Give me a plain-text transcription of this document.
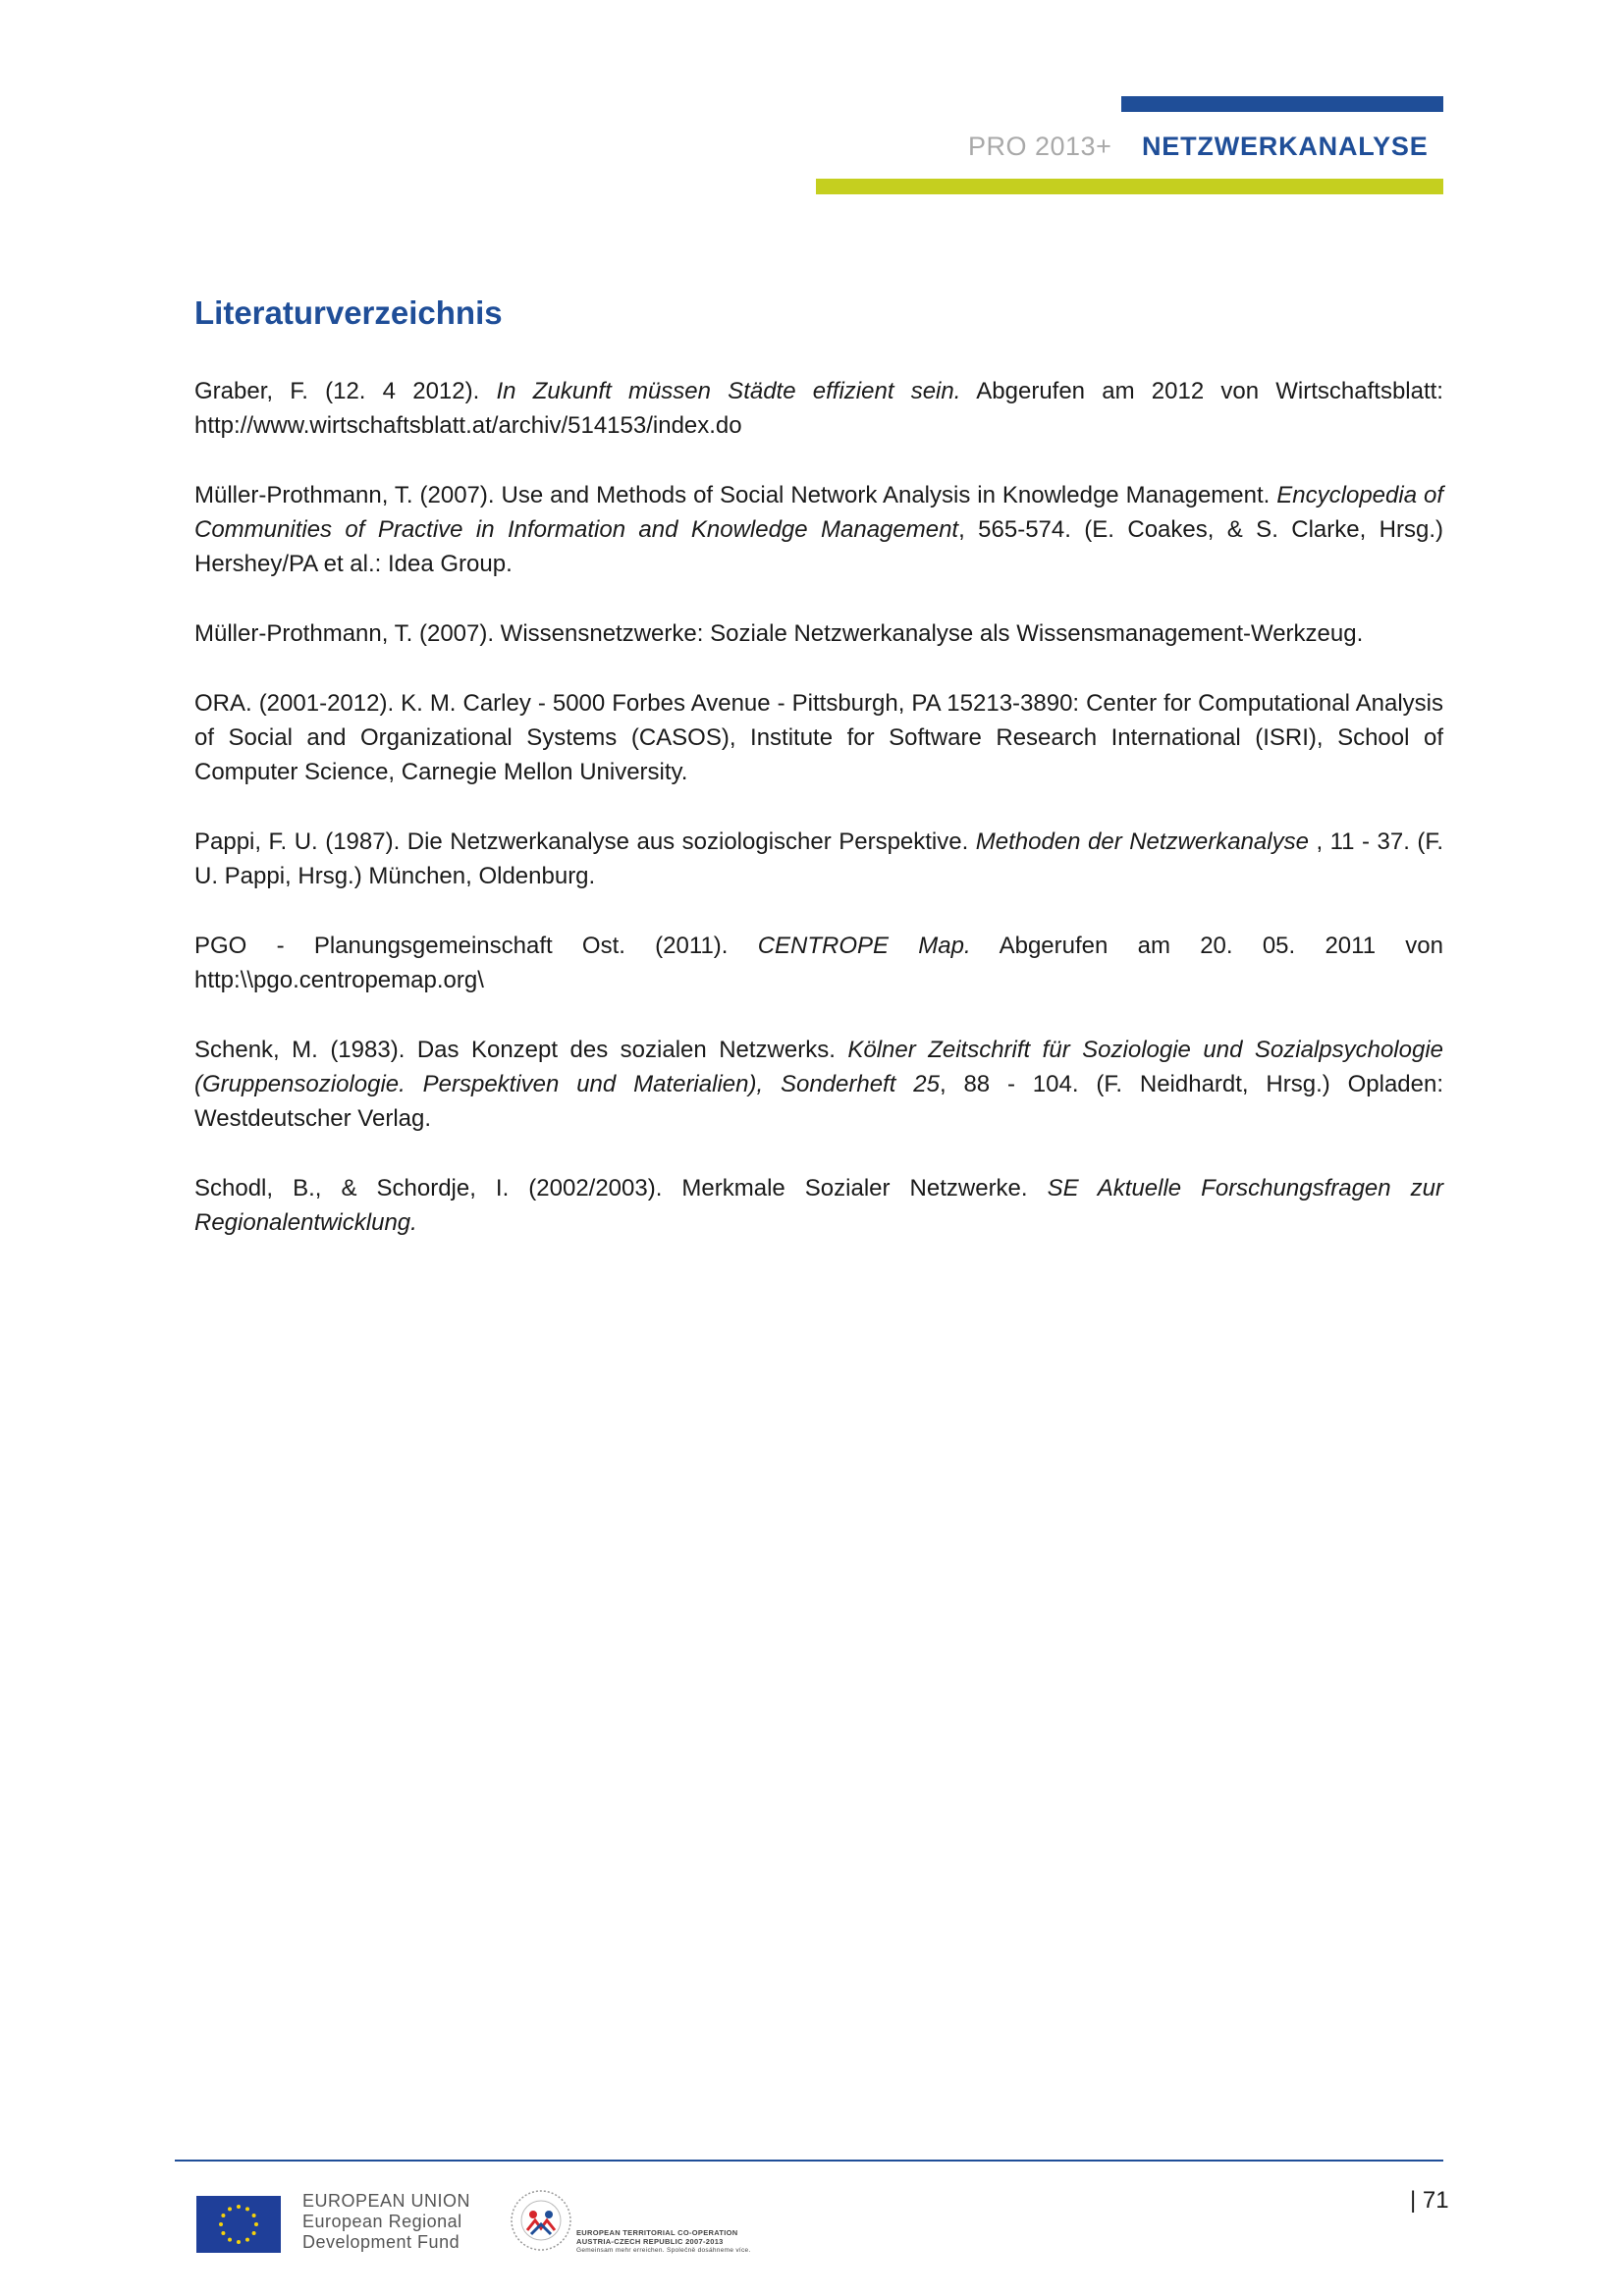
PRO 2013+ NETZWERKANALYSE
Literaturverzeichnis

Graber, F. (12. 4 2012). In Zukunft müssen Städte effizient sein. Abgerufen am 2012 von Wirtschaftsblatt: http://www.wirtschaftsblatt.at/archiv/514153/index.do

Müller-Prothmann, T. (2007). Use and Methods of Social Network Analysis in Knowledge Management. Encyclopedia of Communities of Practive in Information and Knowledge Management, 565-574. (E. Coakes, & S. Clarke, Hrsg.) Hershey/PA et al.: Idea Group.

Müller-Prothmann, T. (2007). Wissensnetzwerke: Soziale Netzwerkanalyse als Wissensmanagement-Werkzeug.

ORA. (2001-2012). K. M. Carley - 5000 Forbes Avenue - Pittsburgh, PA 15213-3890: Center for Computational Analysis of Social and Organizational Systems (CASOS), Institute for Software Research International (ISRI), School of Computer Science, Carnegie Mellon University.

Pappi, F. U. (1987). Die Netzwerkanalyse aus soziologischer Perspektive. Methoden der Netzwerkanalyse , 11 - 37. (F. U. Pappi, Hrsg.) München, Oldenburg.

PGO - Planungsgemeinschaft Ost. (2011). CENTROPE Map. Abgerufen am 20. 05. 2011 von http:\\pgo.centropemap.org\

Schenk, M. (1983). Das Konzept des sozialen Netzwerks. Kölner Zeitschrift für Soziologie und Sozialpsychologie (Gruppensoziologie. Perspektiven und Materialien), Sonderheft 25, 88 - 104. (F. Neidhardt, Hrsg.) Opladen: Westdeutscher Verlag.

Schodl, B., & Schordje, I. (2002/2003). Merkmale Sozialer Netzwerke. SE Aktuelle Forschungsfragen zur Regionalentwicklung.

EUROPEAN UNION
European Regional
Development Fund	EUROPEAN TERRITORIAL CO-OPERATION
AUSTRIA-CZECH REPUBLIC 2007-2013
Gemeinsam mehr erreichen. Společně dosáhneme více.
| 71
